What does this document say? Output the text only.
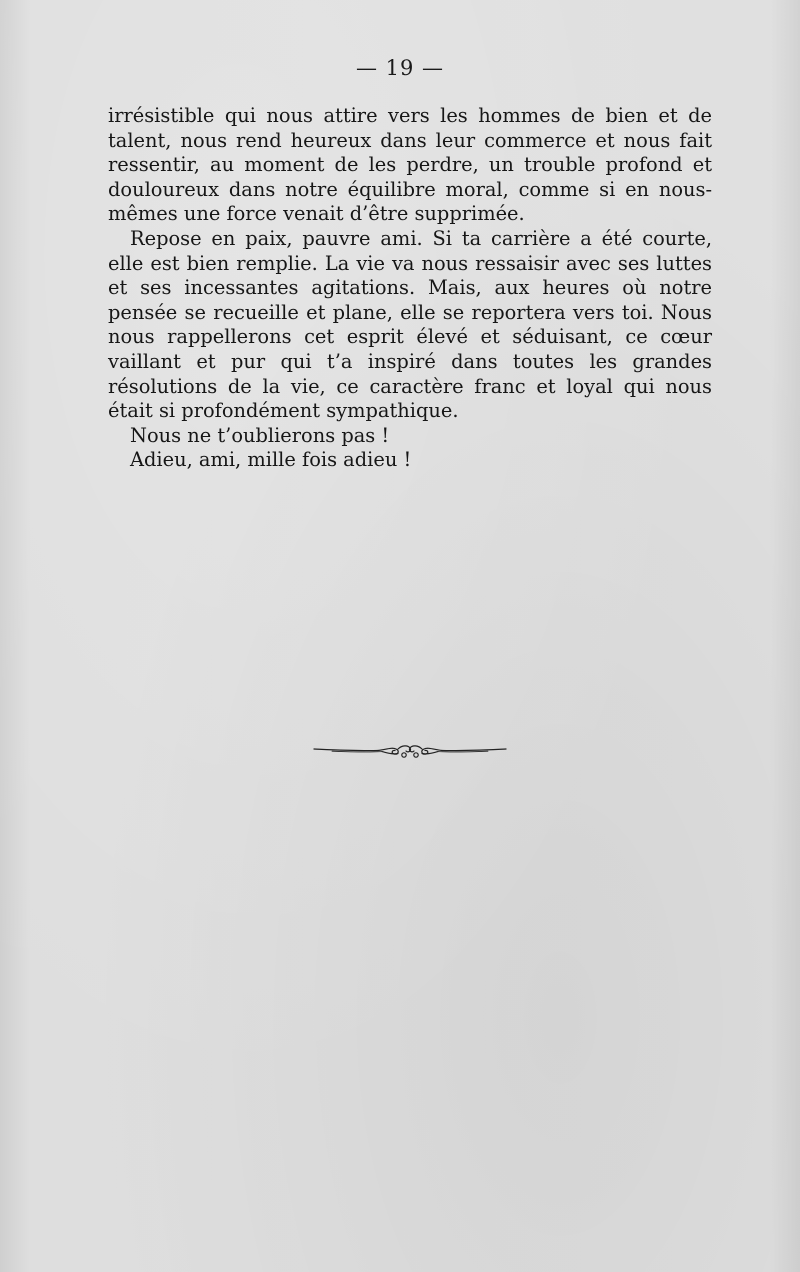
— 19 —

irrésistible qui nous attire vers les hommes de bien et de talent, nous rend heureux dans leur commerce et nous fait ressentir, au moment de les perdre, un trouble profond et douloureux dans notre équilibre moral, comme si en nous-mêmes une force venait d’être supprimée.

Repose en paix, pauvre ami. Si ta carrière a été courte, elle est bien remplie. La vie va nous ressaisir avec ses luttes et ses incessantes agitations. Mais, aux heures où notre pensée se recueille et plane, elle se reportera vers toi. Nous nous rappellerons cet esprit élevé et séduisant, ce cœur vaillant et pur qui t’a inspiré dans toutes les grandes résolutions de la vie, ce caractère franc et loyal qui nous était si profondément sympathique.

Nous ne t’oublierons pas !

Adieu, ami, mille fois adieu !
